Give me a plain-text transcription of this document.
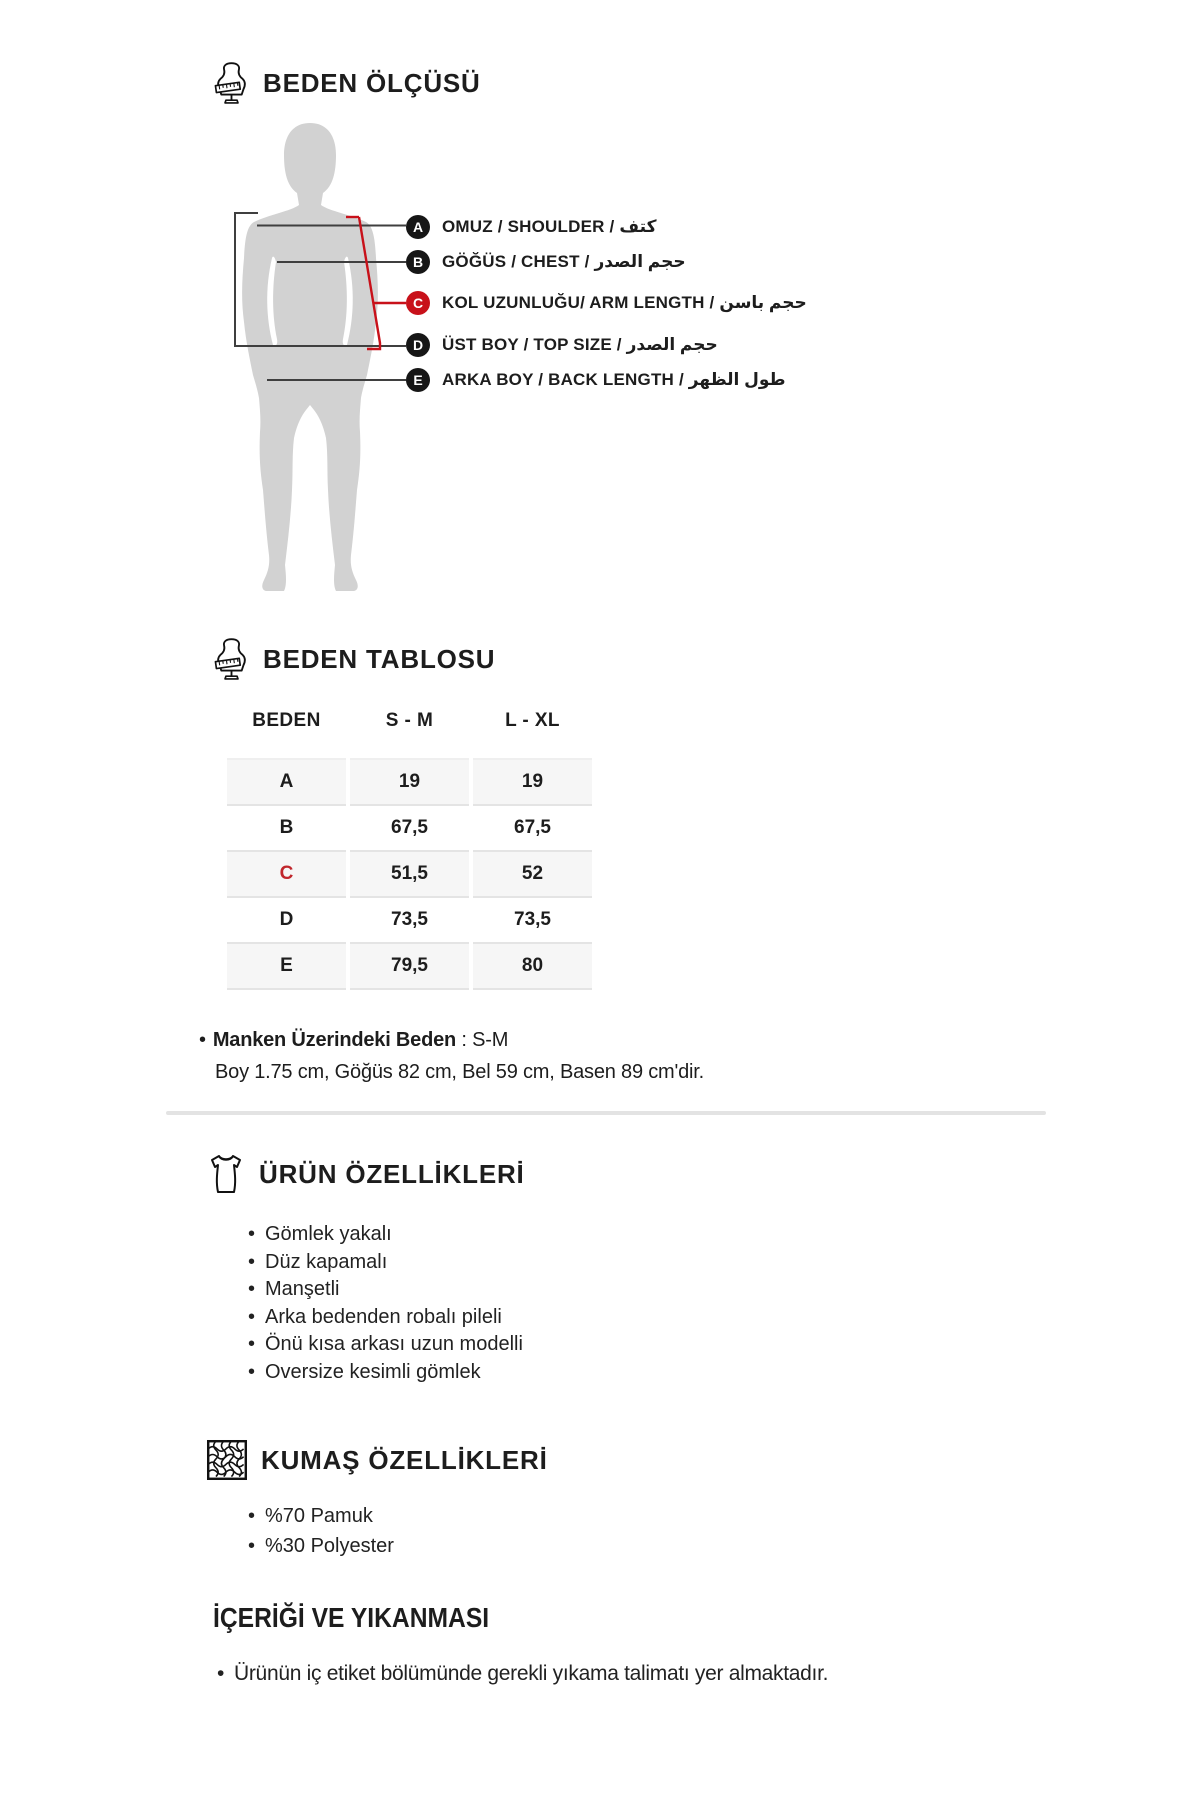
BEDEN ÖLÇÜSÜ
A	OMUZ / SHOULDER / كتف
B	GÖĞÜS / CHEST / حجم الصدر
C	KOL UZUNLUĞU/ ARM LENGTH / حجم باسن
D	ÜST BOY / TOP SIZE / حجم الصدر
E	ARKA BOY / BACK LENGTH / طول الظهر
BEDEN TABLOSU
BEDEN	S - M	L - XL
A	19	19
B	67,5	67,5
C	51,5	52
D	73,5	73,5
E	79,5	80
• Manken Üzerindeki Beden : S-M
Boy 1.75 cm, Göğüs 82 cm, Bel 59 cm, Basen 89 cm'dir.
ÜRÜN ÖZELLİKLERİ
• Gömlek yakalı
• Düz kapamalı
• Manşetli
• Arka bedenden robalı pileli
• Önü kısa arkası uzun modelli
• Oversize kesimli gömlek
KUMAŞ ÖZELLİKLERİ
• %70 Pamuk
• %30 Polyester
İÇERİĞİ VE YIKANMASI
• Ürünün iç etiket bölümünde gerekli yıkama talimatı yer almaktadır.
